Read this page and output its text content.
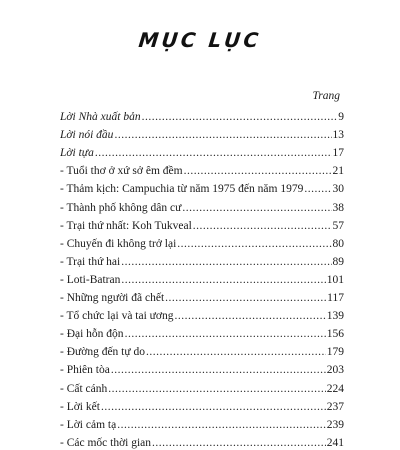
MỤC LỤC
Trang
Lời Nhà xuất bản .....	9
Lời nói đầu .....	13
Lời tựa .....	17
- Tuổi thơ ở xứ sở êm đềm .....	21
- Thảm kịch: Campuchia từ năm 1975 đến năm 1979 .....	30
- Thành phố không dân cư .....	38
- Trại thứ nhất: Koh Tukveal .....	57
- Chuyến đi không trở lại .....	80
- Trại thứ hai .....	89
- Loti-Batran .....	101
- Những người đã chết .....	117
- Tổ chức lại và tai ương .....	139
- Đại hỗn độn .....	156
- Đường đến tự do .....	179
- Phiên tòa .....	203
- Cất cánh .....	224
- Lời kết .....	237
- Lời cảm tạ .....	239
- Các mốc thời gian .....	241
